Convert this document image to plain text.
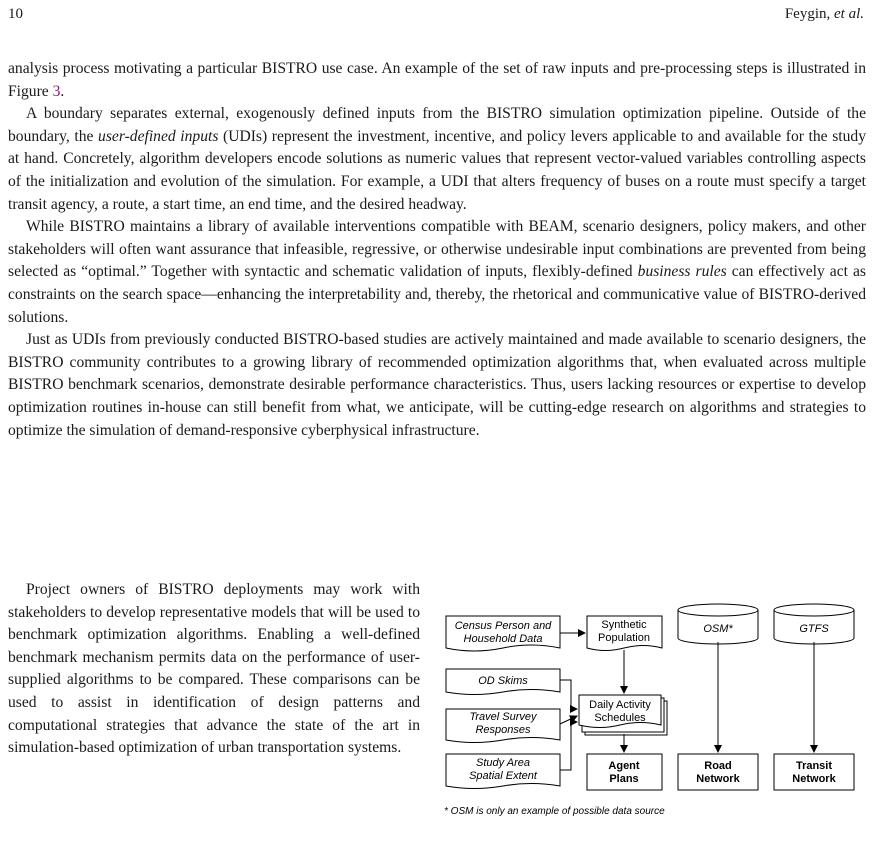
10	Feygin, et al.

analysis process motivating a particular BISTRO use case. An example of the set of raw inputs and pre-processing steps is illustrated in Figure 3.

A boundary separates external, exogenously defined inputs from the BISTRO simulation optimization pipeline. Outside of the boundary, the user-defined inputs (UDIs) represent the investment, incentive, and policy levers applicable to and available for the study at hand. Concretely, algorithm developers encode solutions as numeric values that represent vector-valued variables controlling aspects of the initialization and evolution of the simulation. For example, a UDI that alters frequency of buses on a route must specify a target transit agency, a route, a start time, an end time, and the desired headway.

While BISTRO maintains a library of available interventions compatible with BEAM, scenario designers, policy makers, and other stakeholders will often want assurance that infeasible, regressive, or otherwise undesirable input combinations are prevented from being selected as “optimal.” Together with syntactic and schematic validation of inputs, flexibly-defined business rules can effectively act as constraints on the search space—enhancing the interpretability and, thereby, the rhetorical and communicative value of BISTRO-derived solutions.

Just as UDIs from previously conducted BISTRO-based studies are actively maintained and made available to scenario designers, the BISTRO community contributes to a growing library of recommended optimization algorithms that, when evaluated across multiple BISTRO benchmark scenarios, demonstrate desirable performance characteristics. Thus, users lacking resources or expertise to develop optimization routines in-house can still benefit from what, we anticipate, will be cutting-edge research on algorithms and strategies to optimize the simulation of demand-responsive cyberphysical infrastructure.

Project owners of BISTRO deployments may work with stakeholders to develop representative models that will be used to benchmark optimization algorithms. Enabling a well-defined benchmark mechanism permits data on the performance of user-supplied algorithms to be compared. These comparisons can be used to assist in identification of design patterns and computational strategies that advance the state of the art in simulation-based optimization of urban transportation systems.

Census Person and
Household Data
Synthetic
Population
OSM*	GTFS
OD Skims
Travel Survey
Responses
Daily Activity
Schedules
Study Area
Spatial Extent
Agent
Plans
Road
Network
Transit
Network
* OSM is only an example of possible data source
